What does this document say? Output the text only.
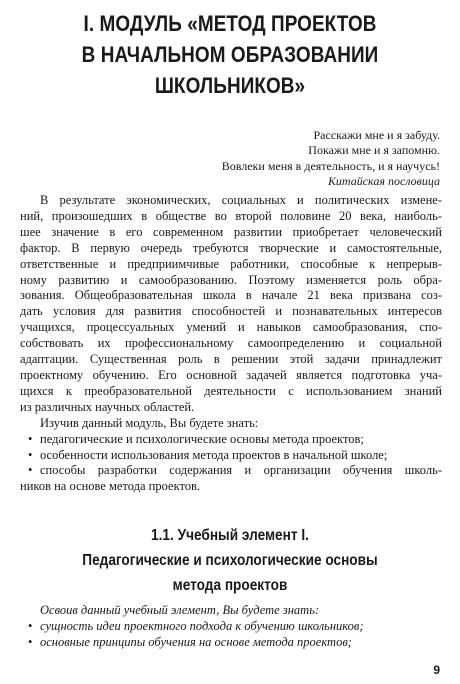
I. МОДУЛЬ «МЕТОД ПРОЕКТОВ
В НАЧАЛЬНОМ ОБРАЗОВАНИИ
ШКОЛЬНИКОВ»
Расскажи мне и я забуду.
Покажи мне и я запомню.
Вовлеки меня в деятельность, и я научусь!
Китайская пословица

В результате экономических, социальных и политических измене-
ний, произошедших в обществе во второй половине 20 века, наиболь-
шее значение в его современном развитии приобретает человеческий
фактор. В первую очередь требуются творческие и самостоятельные,
ответственные и предприимчивые работники, способные к непрерыв-
ному развитию и самообразованию. Поэтому изменяется роль обра-
зования. Общеобразовательная школа в начале 21 века призвана соз-
дать условия для развития способностей и познавательных интересов
учащихся, процессуальных умений и навыков самообразования, спо-
собствовать их профессиональному самоопределению и социальной
адаптации. Существенная роль в решении этой задачи принадлежит
проектному обучению. Его основной задачей является подготовка уча-
щихся к преобразовательной деятельности с использованием знаний
из различных научных областей.

Изучив данный модуль, Вы будете знать:

• педагогические и психологические основы метода проектов;
• особенности использования метода проектов в начальной школе;
• способы разработки содержания и организации обучения школь-
ников на основе метода проектов.
1.1. Учебный элемент I.
Педагогические и психологические основы
метода проектов
Освоив данный учебный элемент, Вы будете знать:
• сущность идеи проектного подхода к обучению школьников;
• основные принципы обучения на основе метода проектов;
9
